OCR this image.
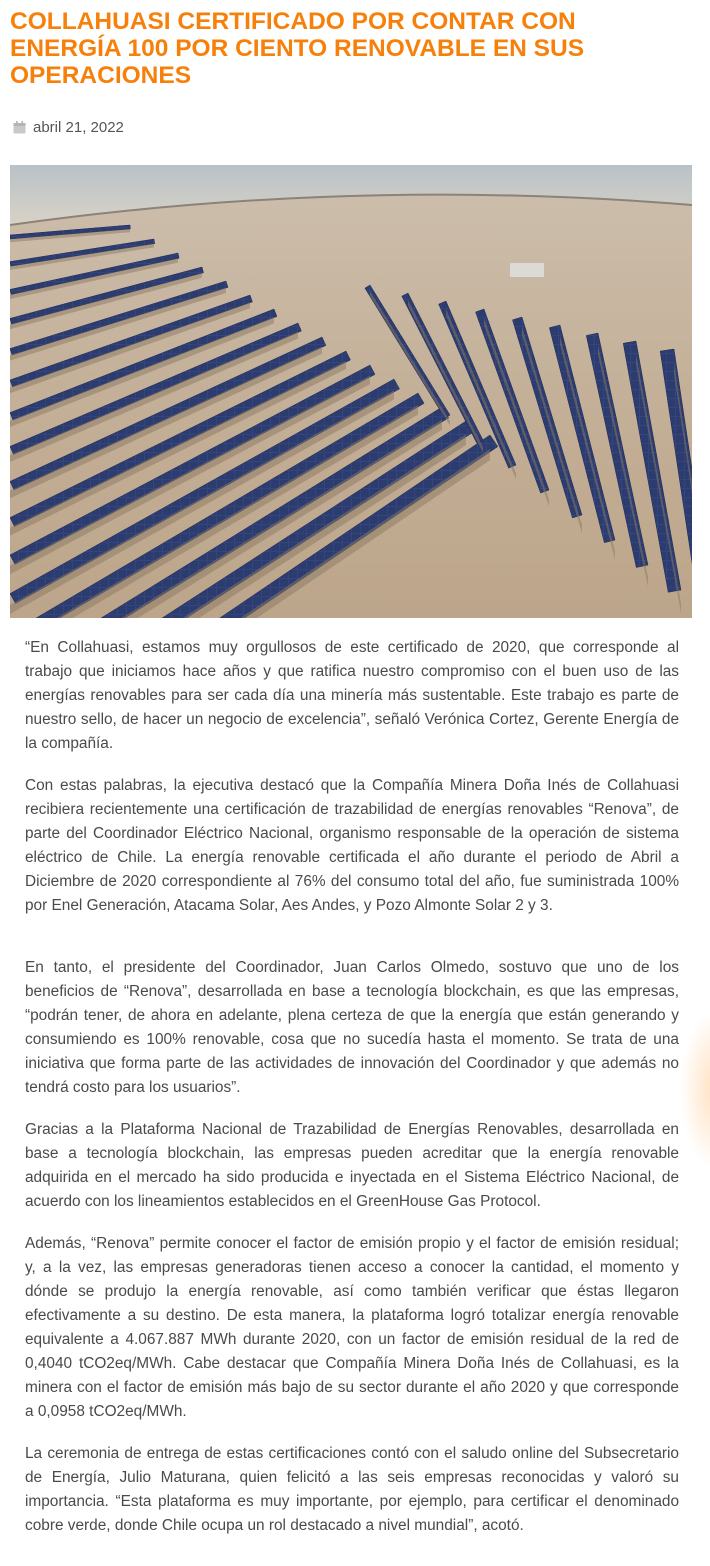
COLLAHUASI CERTIFICADO POR CONTAR CON ENERGÍA 100 POR CIENTO RENOVABLE EN SUS OPERACIONES
abril 21, 2022

“En Collahuasi, estamos muy orgullosos de este certificado de 2020, que corresponde al trabajo que iniciamos hace años y que ratifica nuestro compromiso con el buen uso de las energías renovables para ser cada día una minería más sustentable. Este trabajo es parte de nuestro sello, de hacer un negocio de excelencia”, señaló Verónica Cortez, Gerente Energía de la compañía.

Con estas palabras, la ejecutiva destacó que la Compañía Minera Doña Inés de Collahuasi recibiera recientemente una certificación de trazabilidad de energías renovables “Renova”, de parte del Coordinador Eléctrico Nacional, organismo responsable de la operación de sistema eléctrico de Chile. La energía renovable certificada el año durante el periodo de Abril a Diciembre de 2020 correspondiente al 76% del consumo total del año, fue suministrada 100% por Enel Generación, Atacama Solar, Aes Andes, y Pozo Almonte Solar 2 y 3.

En tanto, el presidente del Coordinador, Juan Carlos Olmedo, sostuvo que uno de los beneficios de “Renova”, desarrollada en base a tecnología blockchain, es que las empresas, “podrán tener, de ahora en adelante, plena certeza de que la energía que están generando y consumiendo es 100% renovable, cosa que no sucedía hasta el momento. Se trata de una iniciativa que forma parte de las actividades de innovación del Coordinador y que además no tendrá costo para los usuarios”.

Gracias a la Plataforma Nacional de Trazabilidad de Energías Renovables, desarrollada en base a tecnología blockchain, las empresas pueden acreditar que la energía renovable adquirida en el mercado ha sido producida e inyectada en el Sistema Eléctrico Nacional, de acuerdo con los lineamientos establecidos en el GreenHouse Gas Protocol.

Además, “Renova” permite conocer el factor de emisión propio y el factor de emisión residual; y, a la vez, las empresas generadoras tienen acceso a conocer la cantidad, el momento y dónde se produjo la energía renovable, así como también verificar que éstas llegaron efectivamente a su destino. De esta manera, la plataforma logró totalizar energía renovable equivalente a 4.067.887 MWh durante 2020, con un factor de emisión residual de la red de 0,4040 tCO2eq/MWh. Cabe destacar que Compañía Minera Doña Inés de Collahuasi, es la minera con el factor de emisión más bajo de su sector durante el año 2020 y que corresponde a 0,0958 tCO2eq/MWh.

La ceremonia de entrega de estas certificaciones contó con el saludo online del Subsecretario de Energía, Julio Maturana, quien felicitó a las seis empresas reconocidas y valoró su importancia. “Esta plataforma es muy importante, por ejemplo, para certificar el denominado cobre verde, donde Chile ocupa un rol destacado a nivel mundial”, acotó.
